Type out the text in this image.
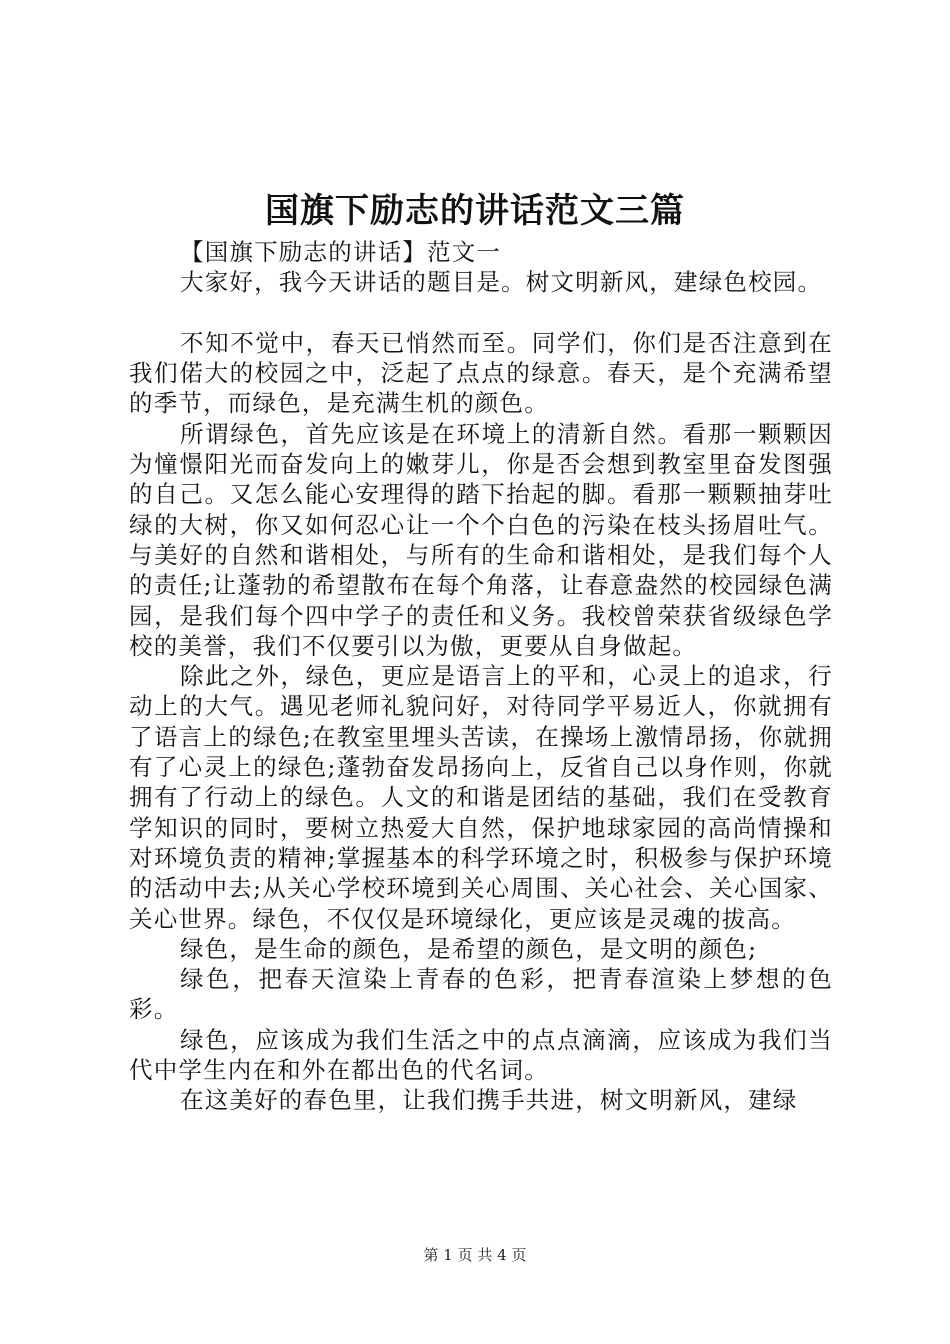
国旗下励志的讲话范文三篇

【国旗下励志的讲话】范文一

大家好，我今天讲话的题目是。树文明新风，建绿色校园。

不知不觉中，春天已悄然而至。同学们，你们是否注意到在我们偌大的校园之中，泛起了点点的绿意。春天，是个充满希望的季节，而绿色，是充满生机的颜色。

所谓绿色，首先应该是在环境上的清新自然。看那一颗颗因为憧憬阳光而奋发向上的嫩芽儿，你是否会想到教室里奋发图强的自己。又怎么能心安理得的踏下抬起的脚。看那一颗颗抽芽吐绿的大树，你又如何忍心让一个个白色的污染在枝头扬眉吐气。与美好的自然和谐相处，与所有的生命和谐相处，是我们每个人的责任;让蓬勃的希望散布在每个角落，让春意盎然的校园绿色满园，是我们每个四中学子的责任和义务。我校曾荣获省级绿色学校的美誉，我们不仅要引以为傲，更要从自身做起。

除此之外，绿色，更应是语言上的平和，心灵上的追求，行动上的大气。遇见老师礼貌问好，对待同学平易近人，你就拥有了语言上的绿色;在教室里埋头苦读，在操场上激情昂扬，你就拥有了心灵上的绿色;蓬勃奋发昂扬向上，反省自己以身作则，你就拥有了行动上的绿色。人文的和谐是团结的基础，我们在受教育学知识的同时，要树立热爱大自然，保护地球家园的高尚情操和对环境负责的精神;掌握基本的科学环境之时，积极参与保护环境的活动中去;从关心学校环境到关心周围、关心社会、关心国家、关心世界。绿色，不仅仅是环境绿化，更应该是灵魂的拔高。

绿色，是生命的颜色，是希望的颜色，是文明的颜色;

绿色，把春天渲染上青春的色彩，把青春渲染上梦想的色彩。

绿色，应该成为我们生活之中的点点滴滴，应该成为我们当代中学生内在和外在都出色的代名词。

在这美好的春色里，让我们携手共进，树文明新风，建绿

第 1 页 共 4 页
